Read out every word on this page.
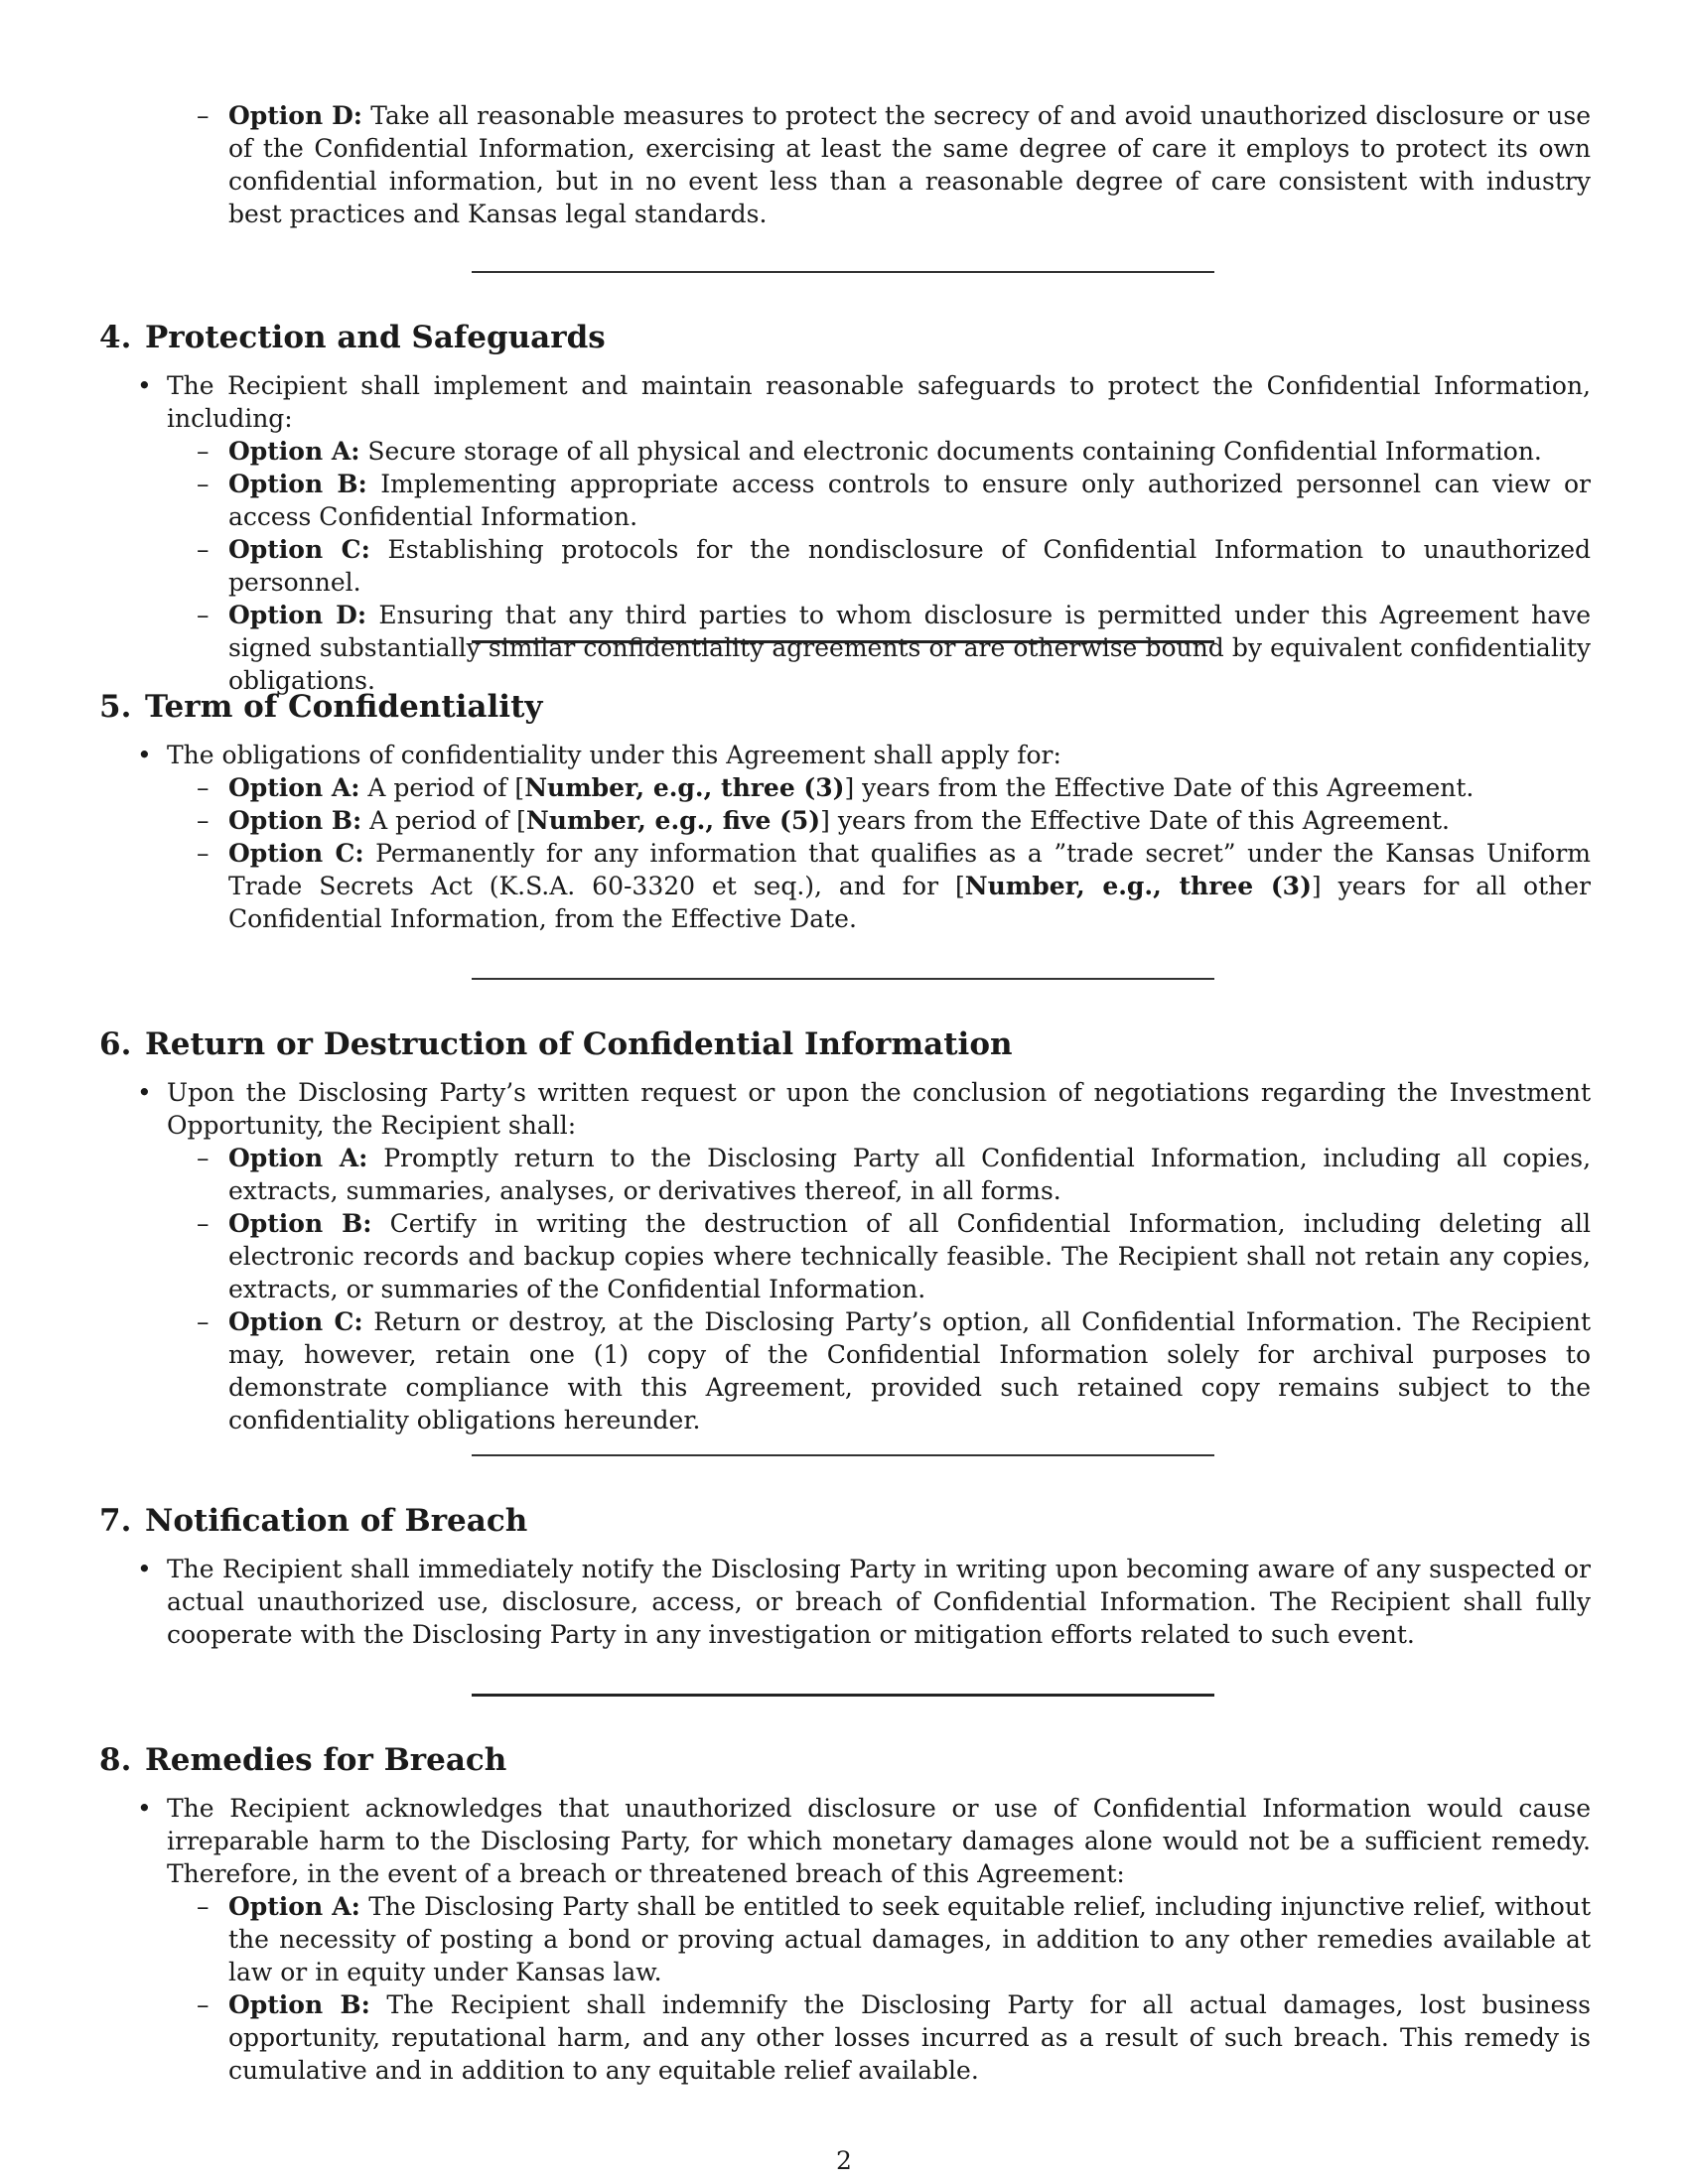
– Option D: Take all reasonable measures to protect the secrecy of and avoid unauthorized disclosure or use of the Confidential Information, exercising at least the same degree of care it employs to protect its own confidential information, but in no event less than a reasonable degree of care consistent with industry best practices and Kansas legal standards.
4. Protection and Safeguards
• The Recipient shall implement and maintain reasonable safeguards to protect the Confidential Information, including:
– Option A: Secure storage of all physical and electronic documents containing Confidential Information.
– Option B: Implementing appropriate access controls to ensure only authorized personnel can view or access Confidential Information.
– Option C: Establishing protocols for the nondisclosure of Confidential Information to unauthorized personnel.
– Option D: Ensuring that any third parties to whom disclosure is permitted under this Agreement have signed substantially similar confidentiality agreements or are otherwise bound by equivalent confidentiality obligations.
5. Term of Confidentiality
• The obligations of confidentiality under this Agreement shall apply for:
– Option A: A period of [Number, e.g., three (3)] years from the Effective Date of this Agreement.
– Option B: A period of [Number, e.g., five (5)] years from the Effective Date of this Agreement.
– Option C: Permanently for any information that qualifies as a ”trade secret” under the Kansas Uniform Trade Secrets Act (K.S.A. 60-3320 et seq.), and for [Number, e.g., three (3)] years for all other Confidential Information, from the Effective Date.
6. Return or Destruction of Confidential Information
• Upon the Disclosing Party’s written request or upon the conclusion of negotiations regarding the Investment Opportunity, the Recipient shall:
– Option A: Promptly return to the Disclosing Party all Confidential Information, including all copies, extracts, summaries, analyses, or derivatives thereof, in all forms.
– Option B: Certify in writing the destruction of all Confidential Information, including deleting all electronic records and backup copies where technically feasible. The Recipient shall not retain any copies, extracts, or summaries of the Confidential Information.
– Option C: Return or destroy, at the Disclosing Party’s option, all Confidential Information. The Recipient may, however, retain one (1) copy of the Confidential Information solely for archival purposes to demonstrate compliance with this Agreement, provided such retained copy remains subject to the confidentiality obligations hereunder.
7. Notification of Breach
• The Recipient shall immediately notify the Disclosing Party in writing upon becoming aware of any suspected or actual unauthorized use, disclosure, access, or breach of Confidential Information. The Recipient shall fully cooperate with the Disclosing Party in any investigation or mitigation efforts related to such event.
8. Remedies for Breach
• The Recipient acknowledges that unauthorized disclosure or use of Confidential Information would cause irreparable harm to the Disclosing Party, for which monetary damages alone would not be a sufficient remedy. Therefore, in the event of a breach or threatened breach of this Agreement:
– Option A: The Disclosing Party shall be entitled to seek equitable relief, including injunctive relief, without the necessity of posting a bond or proving actual damages, in addition to any other remedies available at law or in equity under Kansas law.
– Option B: The Recipient shall indemnify the Disclosing Party for all actual damages, lost business opportunity, reputational harm, and any other losses incurred as a result of such breach. This remedy is cumulative and in addition to any equitable relief available.
2
